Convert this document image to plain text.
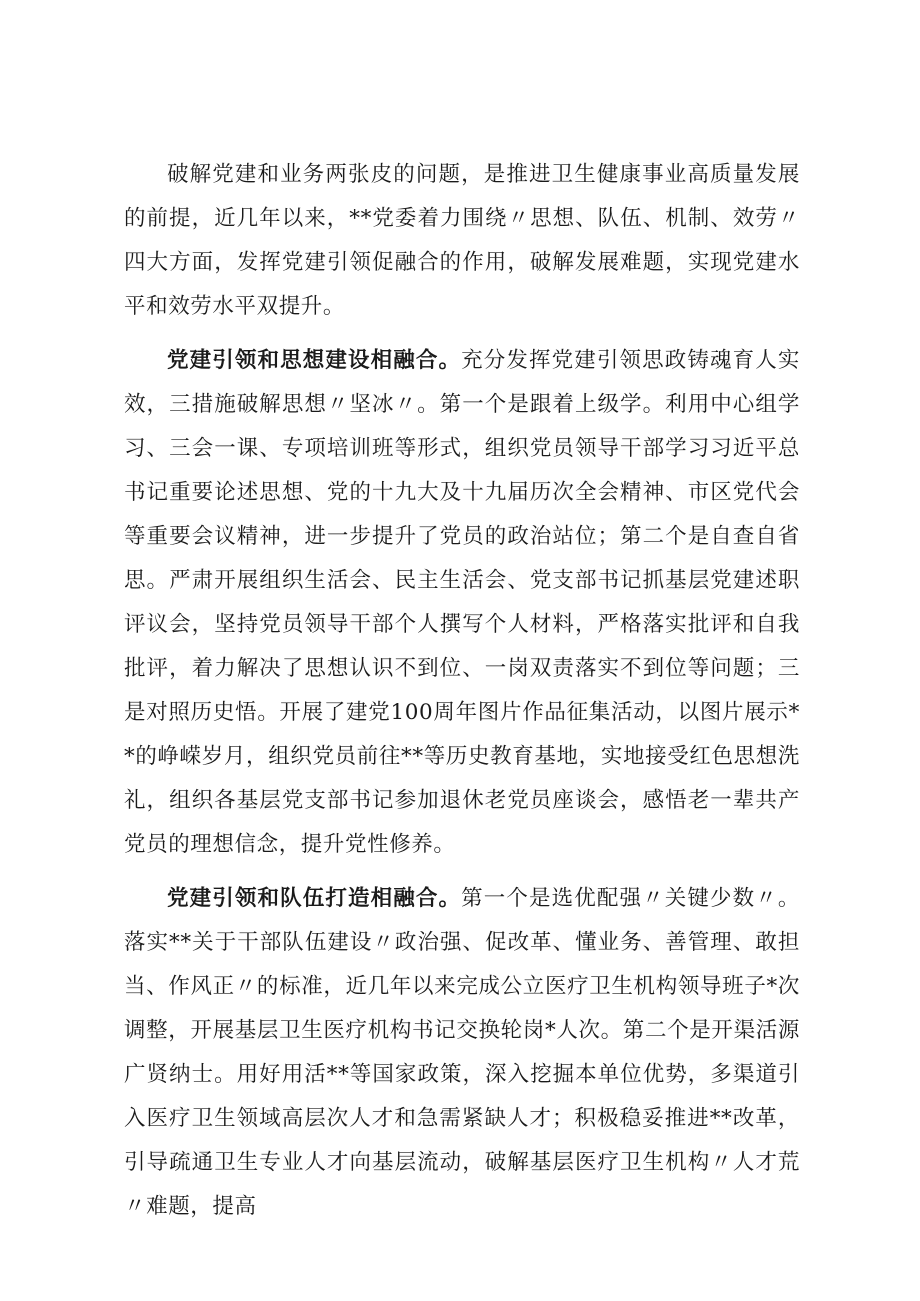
破解党建和业务两张皮的问题，是推进卫生健康事业高质量发展的前提，近几年以来，**党委着力围绕〃思想、队伍、机制、效劳〃四大方面，发挥党建引领促融合的作用，破解发展难题，实现党建水平和效劳水平双提升。

党建引领和思想建设相融合。充分发挥党建引领思政铸魂育人实效，三措施破解思想〃坚冰〃。第一个是跟着上级学。利用中心组学习、三会一课、专项培训班等形式，组织党员领导干部学习习近平总书记重要论述思想、党的十九大及十九届历次全会精神、市区党代会等重要会议精神，进一步提升了党员的政治站位；第二个是自查自省思。严肃开展组织生活会、民主生活会、党支部书记抓基层党建述职评议会，坚持党员领导干部个人撰写个人材料，严格落实批评和自我批评，着力解决了思想认识不到位、一岗双责落实不到位等问题；三是对照历史悟。开展了建党100周年图片作品征集活动，以图片展示**的峥嵘岁月，组织党员前往**等历史教育基地，实地接受红色思想洗礼，组织各基层党支部书记参加退休老党员座谈会，感悟老一辈共产党员的理想信念，提升党性修养。

党建引领和队伍打造相融合。第一个是选优配强〃关键少数〃。落实**关于干部队伍建设〃政治强、促改革、懂业务、善管理、敢担当、作风正〃的标准，近几年以来完成公立医疗卫生机构领导班子*次调整，开展基层卫生医疗机构书记交换轮岗*人次。第二个是开渠活源广贤纳士。用好用活**等国家政策，深入挖掘本单位优势，多渠道引入医疗卫生领域高层次人才和急需紧缺人才；积极稳妥推进**改革，引导疏通卫生专业人才向基层流动，破解基层医疗卫生机构〃人才荒〃难题，提高
